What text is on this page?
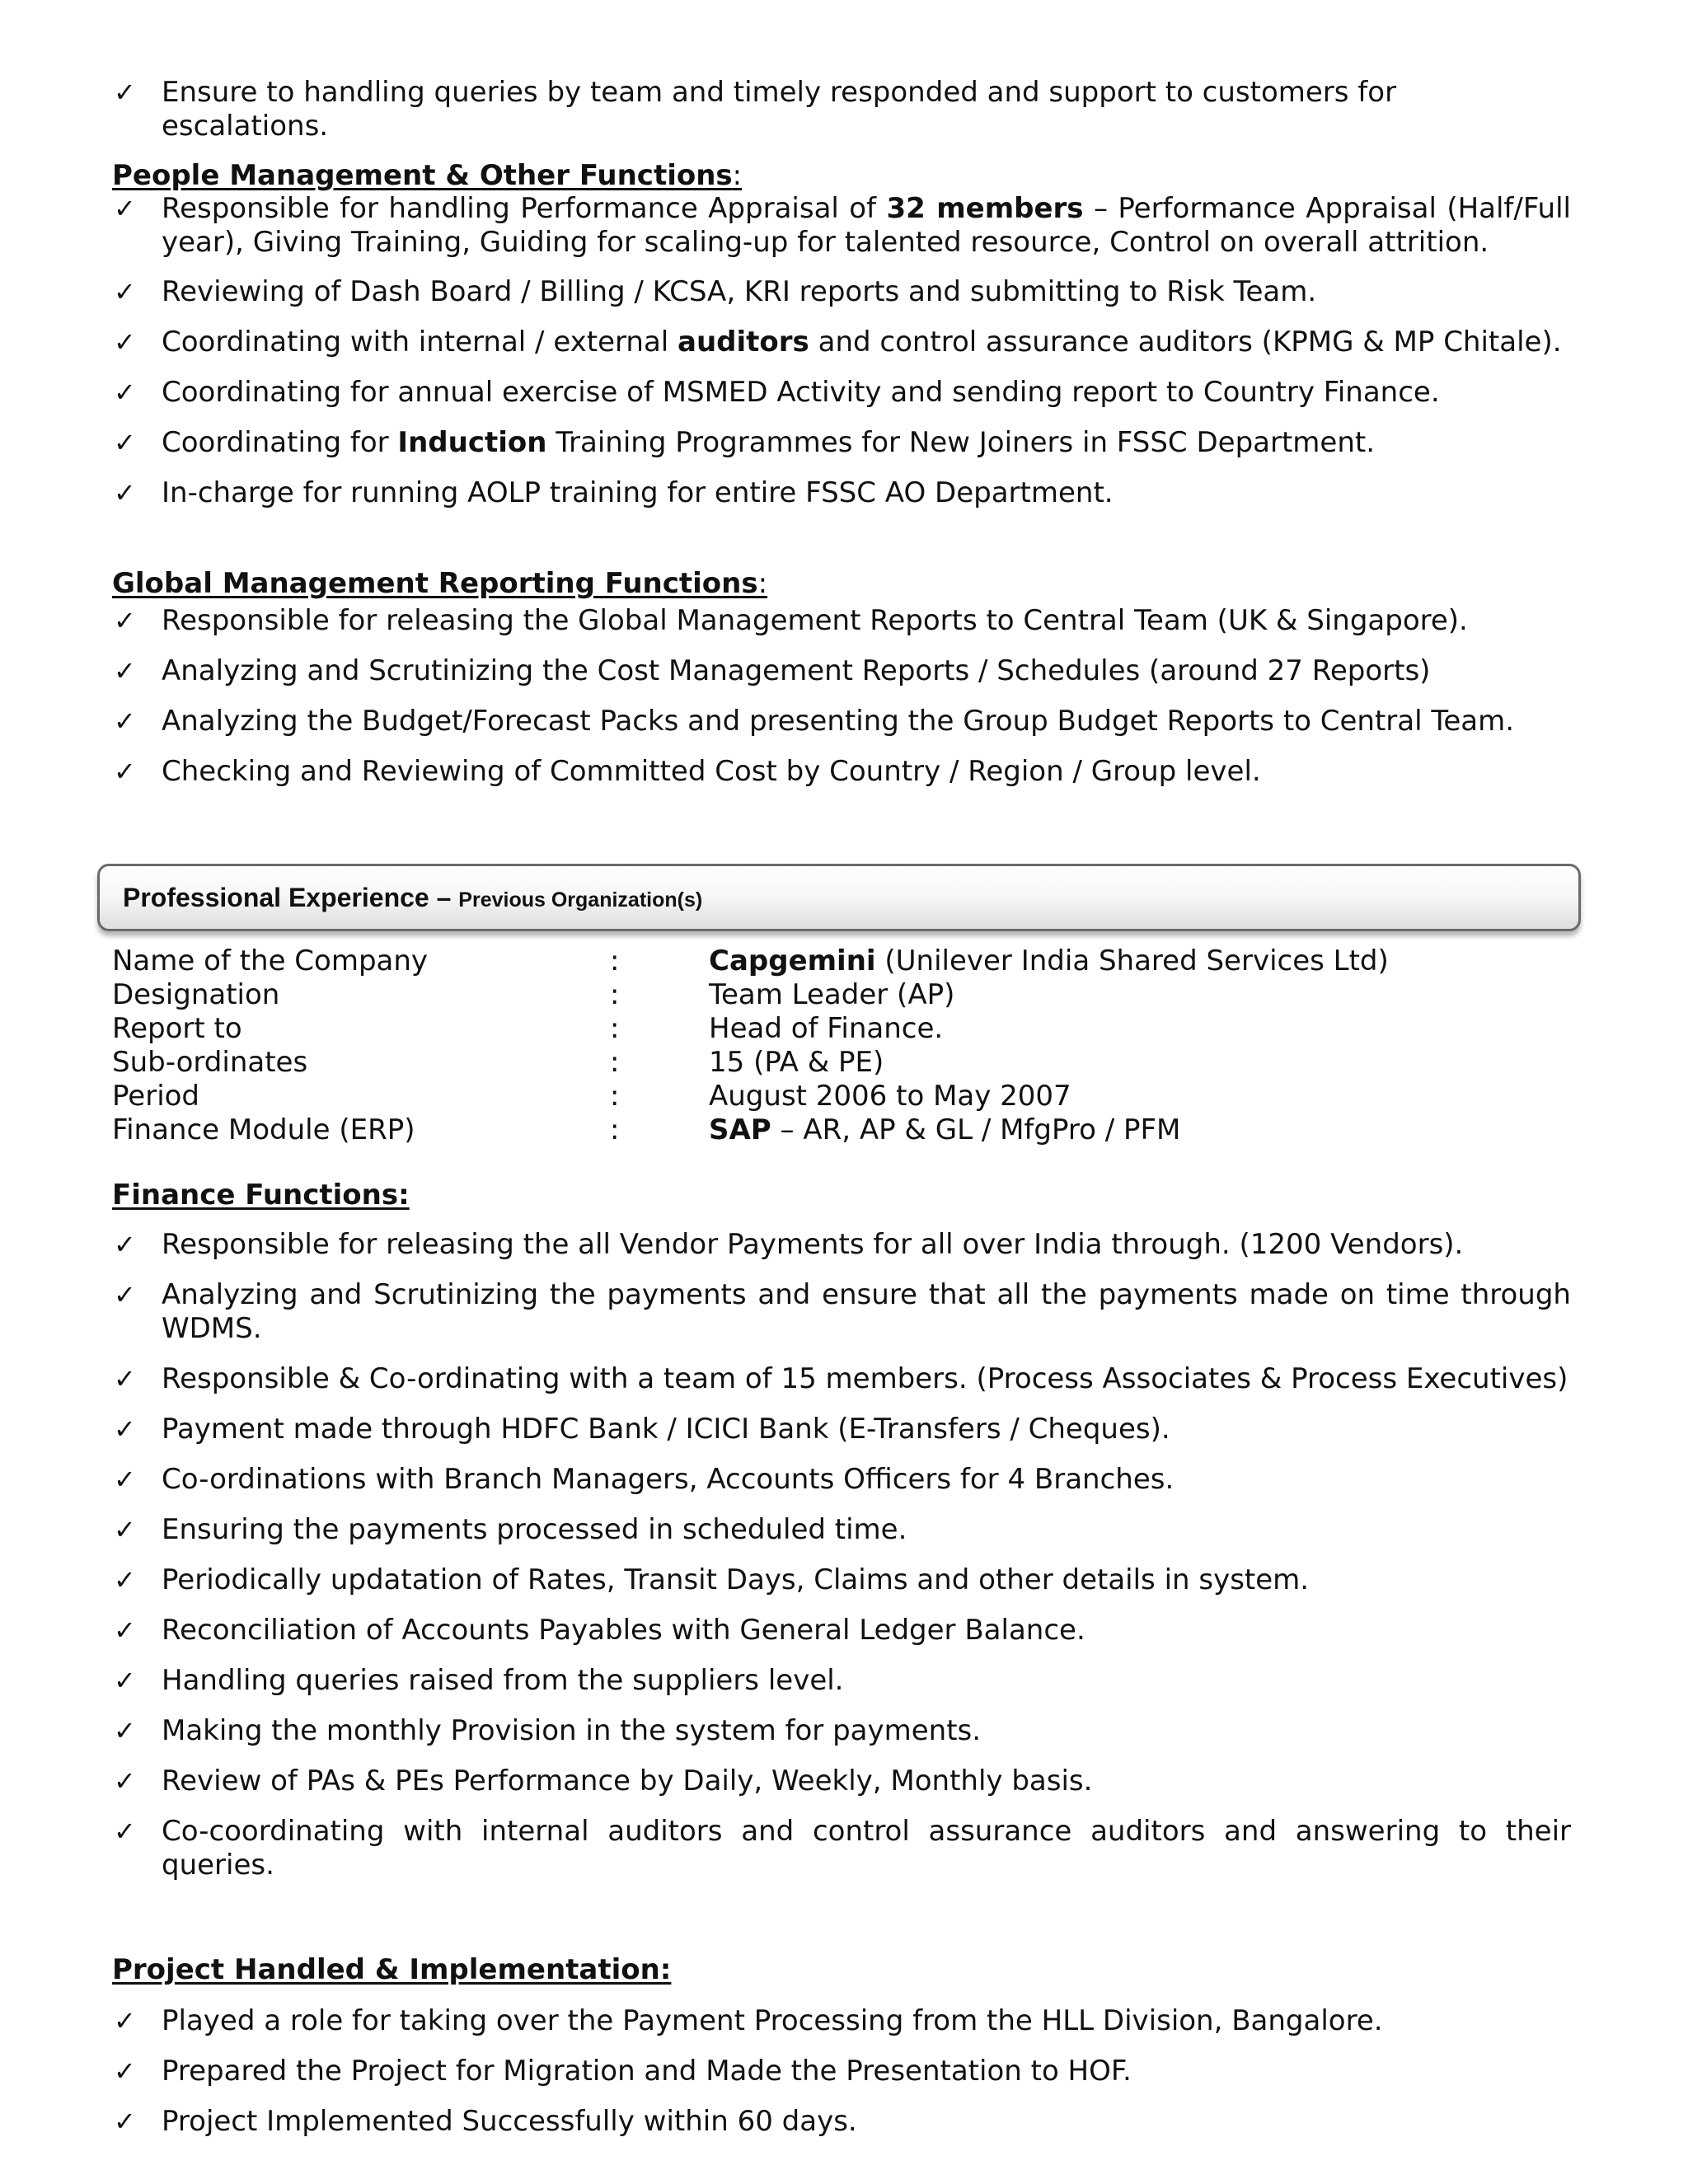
✓ Ensure to handling queries by team and timely responded and support to customers for escalations.
People Management & Other Functions:
✓ Responsible for handling Performance Appraisal of 32 members – Performance Appraisal (Half/Full year), Giving Training, Guiding for scaling-up for talented resource, Control on overall attrition.
✓ Reviewing of Dash Board / Billing / KCSA, KRI reports and submitting to Risk Team.
✓ Coordinating with internal / external auditors and control assurance auditors (KPMG & MP Chitale).
✓ Coordinating for annual exercise of MSMED Activity and sending report to Country Finance.
✓ Coordinating for Induction Training Programmes for New Joiners in FSSC Department.
✓ In-charge for running AOLP training for entire FSSC AO Department.
Global Management Reporting Functions:
✓ Responsible for releasing the Global Management Reports to Central Team (UK & Singapore).
✓ Analyzing and Scrutinizing the Cost Management Reports / Schedules (around 27 Reports)
✓ Analyzing the Budget/Forecast Packs and presenting the Group Budget Reports to Central Team.
✓ Checking and Reviewing of Committed Cost by Country / Region / Group level.
Professional Experience – Previous Organization(s)
Name of the Company	:	Capgemini (Unilever India Shared Services Ltd)
Designation	:	Team Leader (AP)
Report to	:	Head of Finance.
Sub-ordinates	:	15 (PA & PE)
Period	:	August 2006 to May 2007
Finance Module (ERP)	:	SAP – AR, AP & GL / MfgPro / PFM
Finance Functions:
✓ Responsible for releasing the all Vendor Payments for all over India through. (1200 Vendors).
✓ Analyzing and Scrutinizing the payments and ensure that all the payments made on time through WDMS.
✓ Responsible & Co-ordinating with a team of 15 members. (Process Associates & Process Executives)
✓ Payment made through HDFC Bank / ICICI Bank (E-Transfers / Cheques).
✓ Co-ordinations with Branch Managers, Accounts Officers for 4 Branches.
✓ Ensuring the payments processed in scheduled time.
✓ Periodically updatation of Rates, Transit Days, Claims and other details in system.
✓ Reconciliation of Accounts Payables with General Ledger Balance.
✓ Handling queries raised from the suppliers level.
✓ Making the monthly Provision in the system for payments.
✓ Review of PAs & PEs Performance by Daily, Weekly, Monthly basis.
✓ Co-coordinating with internal auditors and control assurance auditors and answering to their queries.
Project Handled & Implementation:
✓ Played a role for taking over the Payment Processing from the HLL Division, Bangalore.
✓ Prepared the Project for Migration and Made the Presentation to HOF.
✓ Project Implemented Successfully within 60 days.
